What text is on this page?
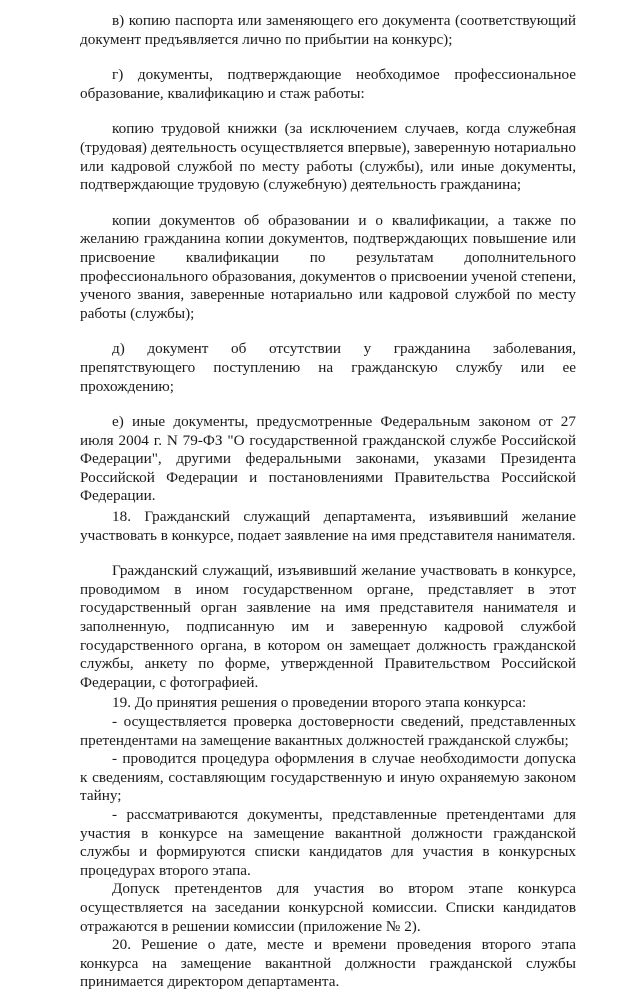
в) копию паспорта или заменяющего его документа (соответствующий документ предъявляется лично по прибытии на конкурс);

г) документы, подтверждающие необходимое профессиональное образование, квалификацию и стаж работы:

копию трудовой книжки (за исключением случаев, когда служебная (трудовая) деятельность осуществляется впервые), заверенную нотариально или кадровой службой по месту работы (службы), или иные документы, подтверждающие трудовую (служебную) деятельность гражданина;

копии документов об образовании и о квалификации, а также по желанию гражданина копии документов, подтверждающих повышение или присвоение квалификации по результатам дополнительного профессионального образования, документов о присвоении ученой степени, ученого звания, заверенные нотариально или кадровой службой по месту работы (службы);

д) документ об отсутствии у гражданина заболевания, препятствующего поступлению на гражданскую службу или ее прохождению;

е) иные документы, предусмотренные Федеральным законом от 27 июля 2004 г. N 79-ФЗ "О государственной гражданской службе Российской Федерации", другими федеральными законами, указами Президента Российской Федерации и постановлениями Правительства Российской Федерации.

18. Гражданский служащий департамента, изъявивший желание участвовать в конкурсе, подает заявление на имя представителя нанимателя.

Гражданский служащий, изъявивший желание участвовать в конкурсе, проводимом в ином государственном органе, представляет в этот государственный орган заявление на имя представителя нанимателя и заполненную, подписанную им и заверенную кадровой службой государственного органа, в котором он замещает должность гражданской службы, анкету по форме, утвержденной Правительством Российской Федерации, с фотографией.

19. До принятия решения о проведении второго этапа конкурса:

- осуществляется проверка достоверности сведений, представленных претендентами на замещение вакантных должностей гражданской службы;

- проводится процедура оформления в случае необходимости допуска к сведениям, составляющим государственную и иную охраняемую законом тайну;

- рассматриваются документы, представленные претендентами для участия в конкурсе на замещение вакантной должности гражданской службы и формируются списки кандидатов для участия в конкурсных процедурах второго этапа.

Допуск претендентов для участия во втором этапе конкурса осуществляется на заседании конкурсной комиссии. Списки кандидатов отражаются в решении комиссии (приложение № 2).

20. Решение о дате, месте и времени проведения второго этапа конкурса на замещение вакантной должности гражданской службы принимается директором департамента.
